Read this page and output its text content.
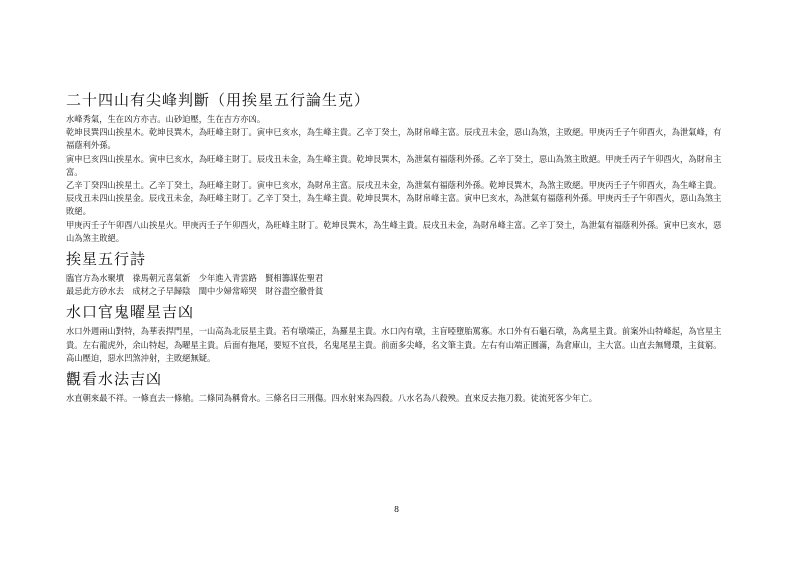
二十四山有尖峰判斷（用挨星五行論生克）

水峰秀氣，生在凶方亦吉。山砂迫壓，生在吉方亦凶。

乾坤艮巽四山挨星木。乾坤艮巽木，為旺峰主財丁。寅申巳亥水，為生峰主貴。乙辛丁癸土，為財帛峰主富。辰戌丑未金，惡山為煞，主敗絕。甲庚丙壬子午卯酉火，為泄氣峰，有福蔭利外孫。

寅申巳亥四山挨星水。寅申巳亥水，為旺峰主財丁。辰戌丑未金，為生峰主貴。乾坤艮巽木，為泄氣有福蔭利外孫。乙辛丁癸土，惡山為煞主敗絕。甲庚壬丙子午卯酉火，為財帛主富。

乙辛丁癸四山挨星土。乙辛丁癸土，為旺峰主財丁。寅申巳亥水，為財帛主富。辰戌丑未金，為泄氣有福蔭利外孫。乾坤艮巽木，為煞主敗絕。甲庚丙壬子午卯酉火，為生峰主貴。

辰戌丑未四山挨星金。辰戌丑未金，為旺峰主財丁。乙辛丁癸土，為生峰主貴。乾坤艮巽木，為財帛峰主富。寅申巳亥水，為泄氣有福蔭利外孫。甲庚丙壬子午卯酉火，惡山為煞主敗絕。

甲庚丙壬子午卯酉八山挨星火。甲庚丙壬子午卯酉火，為旺峰主財丁。乾坤艮巽木，為生峰主貴。辰戌丑未金，為財帛峰主富。乙辛丁癸土，為泄氣有福蔭利外孫。寅申巳亥水，惡山為煞主敗絕。

挨星五行詩

臨官方為水聚墳　祿馬朝元喜氣新　少年進入青雲路　賢相籌謀佐聖君

最忌此方砂水去　成材之子早歸陰　閨中少婦常啼哭　財谷盡空徹骨貧

水口官鬼曜星吉凶

水口外週兩山對特，為華表捍門星，一山高為北辰星主貴。若有墩端正，為羅星主貴。水口內有墩，主盲啞墮胎罵寡。水口外有石龜石墩，為禽星主貴。前案外山特峰起，為官星主貴。左右龍虎外，余山特起，為曜星主貴。后面有拖尾，要短不宜長，名鬼尾星主貴。前面多尖峰，名文筆主貴。左右有山端正圓滿，為倉庫山，主大富。山直去無彎環，主貧窮。高山壓迫，惡水凹煞沖射，主敗絕無疑。

觀看水法吉凶

水直朝來最不祥。一條直去一條槍。二條同為稱脅水。三條名曰三刑傷。四水射來為四殺。八水名為八殺殃。直來反去拖刀殺。徒流死客少年亡。

8
